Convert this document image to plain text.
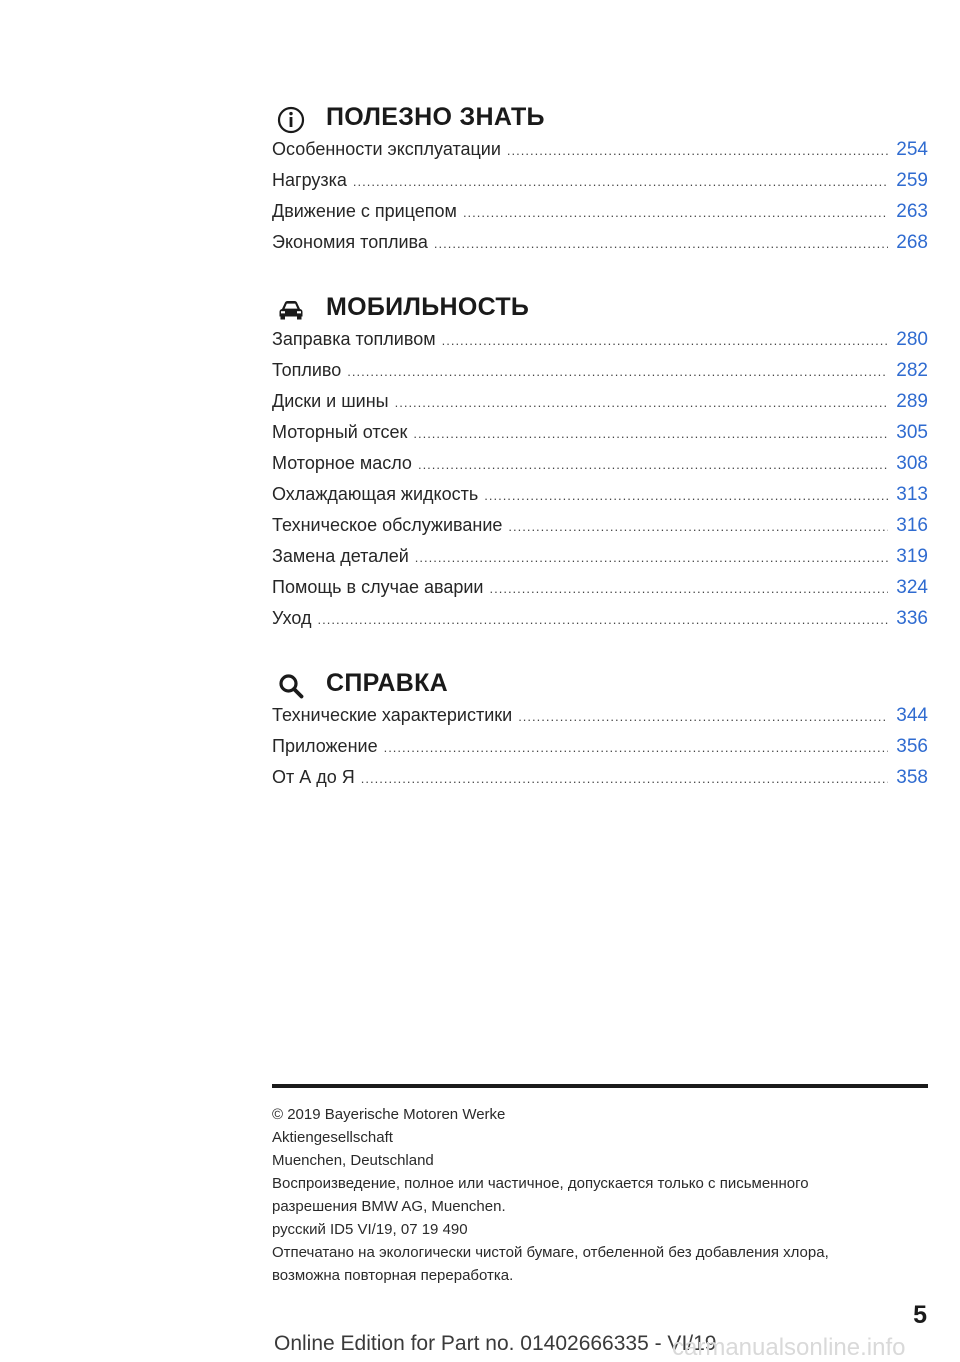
ПОЛЕЗНО ЗНАТЬ
Особенности эксплуатации .....	254
Нагрузка .....	259
Движение с прицепом .....	263
Экономия топлива .....	268
МОБИЛЬНОСТЬ
Заправка топливом .....	280
Топливо .....	282
Диски и шины .....	289
Моторный отсек .....	305
Моторное масло .....	308
Охлаждающая жидкость .....	313
Техническое обслуживание .....	316
Замена деталей .....	319
Помощь в случае аварии .....	324
Уход .....	336
СПРАВКА
Технические характеристики .....	344
Приложение .....	356
От А до Я .....	358
© 2019 Bayerische Motoren Werke
Aktiengesellschaft
Muenchen, Deutschland
Воспроизведение, полное или частичное, допускается только с письменного
разрешения BMW AG, Muenchen.
русский ID5 VI/19, 07 19 490
Отпечатано на экологически чистой бумаге, отбеленной без добавления хлора,
возможна повторная переработка.
5
Online Edition for Part no. 01402666335 - VI/19
carmanualsonline.info
